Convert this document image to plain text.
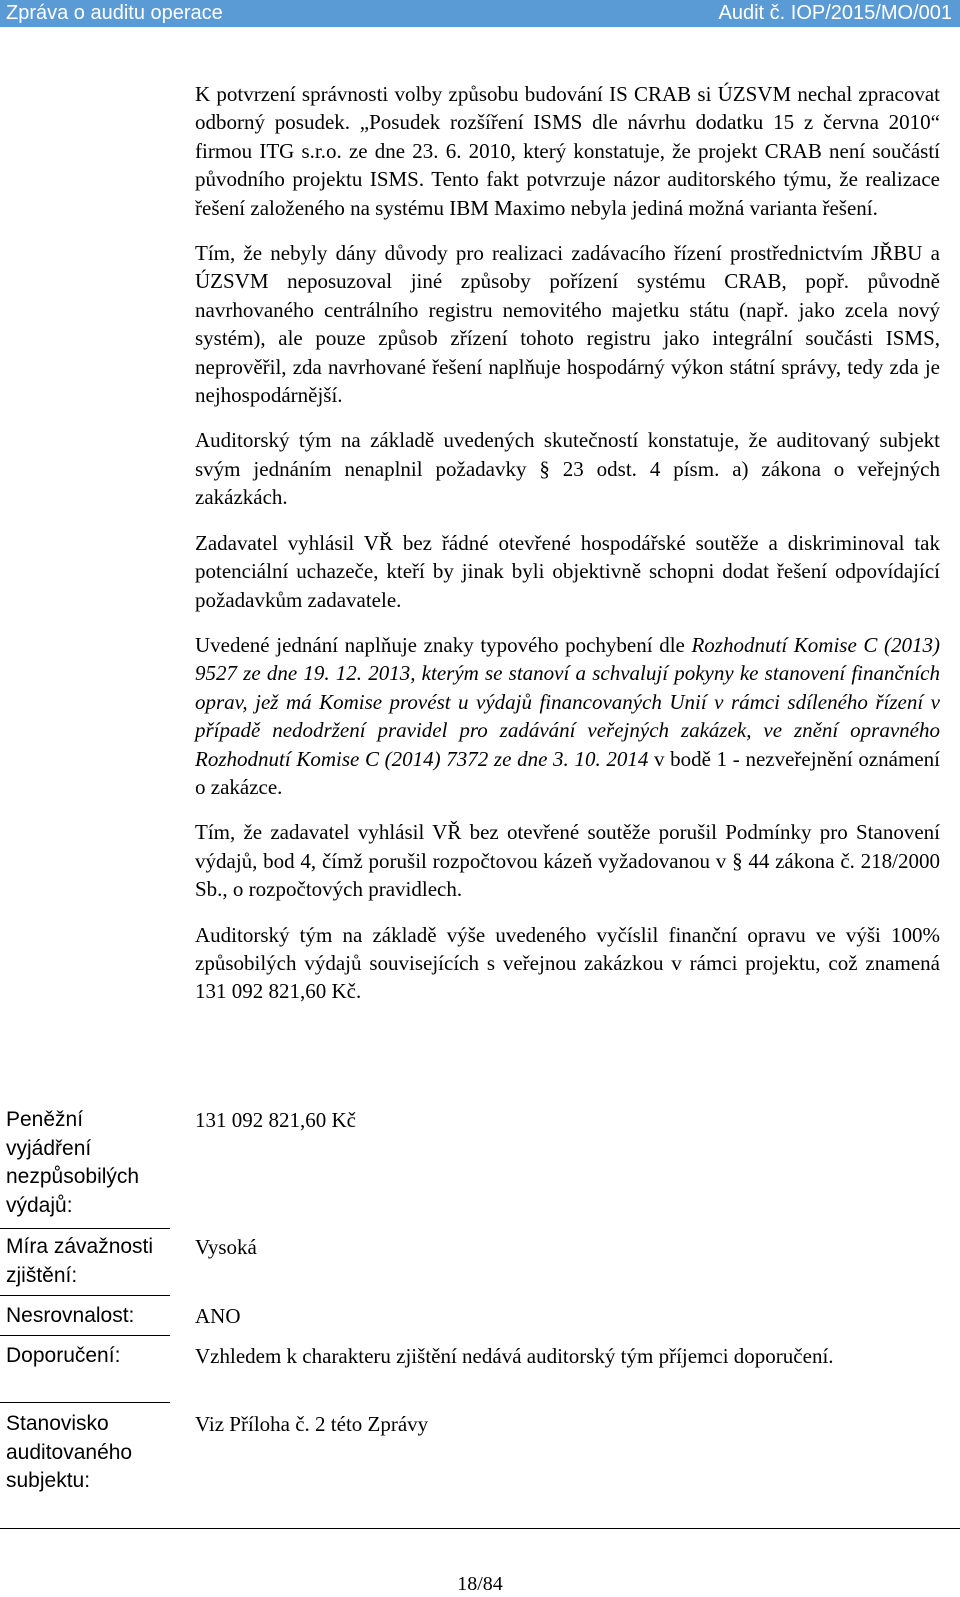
Zpráva o auditu operace	Audit č. IOP/2015/MO/001

K potvrzení správnosti volby způsobu budování IS CRAB si ÚZSVM nechal zpracovat odborný posudek. „Posudek rozšíření ISMS dle návrhu dodatku 15 z června 2010“ firmou ITG s.r.o. ze dne 23. 6. 2010, který konstatuje, že projekt CRAB není součástí původního projektu ISMS. Tento fakt potvrzuje názor auditorského týmu, že realizace řešení založeného na systému IBM Maximo nebyla jediná možná varianta řešení.

Tím, že nebyly dány důvody pro realizaci zadávacího řízení prostřednictvím JŘBU a ÚZSVM neposuzoval jiné způsoby pořízení systému CRAB, popř. původně navrhovaného centrálního registru nemovitého majetku státu (např. jako zcela nový systém), ale pouze způsob zřízení tohoto registru jako integrální součásti ISMS, neprověřil, zda navrhované řešení naplňuje hospodárný výkon státní správy, tedy zda je nejhospodárnější.

Auditorský tým na základě uvedených skutečností konstatuje, že auditovaný subjekt svým jednáním nenaplnil požadavky § 23 odst. 4 písm. a) zákona o veřejných zakázkách.

Zadavatel vyhlásil VŘ bez řádné otevřené hospodářské soutěže a diskriminoval tak potenciální uchazeče, kteří by jinak byli objektivně schopni dodat řešení odpovídající požadavkům zadavatele.

Uvedené jednání naplňuje znaky typového pochybení dle Rozhodnutí Komise C (2013) 9527 ze dne 19. 12. 2013, kterým se stanoví a schvalují pokyny ke stanovení finančních oprav, jež má Komise provést u výdajů financovaných Unií v rámci sdíleného řízení v případě nedodržení pravidel pro zadávání veřejných zakázek, ve znění opravného Rozhodnutí Komise C (2014) 7372 ze dne 3. 10. 2014 v bodě 1 - nezveřejnění oznámení o zakázce.

Tím, že zadavatel vyhlásil VŘ bez otevřené soutěže porušil Podmínky pro Stanovení výdajů, bod 4, čímž porušil rozpočtovou kázeň vyžadovanou v § 44 zákona č. 218/2000 Sb., o rozpočtových pravidlech.

Auditorský tým na základě výše uvedeného vyčíslil finanční opravu ve výši 100% způsobilých výdajů souvisejících s veřejnou zakázkou v rámci projektu, což znamená 131 092 821,60 Kč.

Peněžní vyjádření nezpůsobilých výdajů:
131 092 821,60 Kč
Míra závažnosti zjištění:
Vysoká
Nesrovnalost:	ANO
Doporučení:	Vzhledem k charakteru zjištění nedává auditorský tým příjemci doporučení.
Stanovisko auditovaného subjektu:
Viz Příloha č. 2 této Zprávy
18/84
